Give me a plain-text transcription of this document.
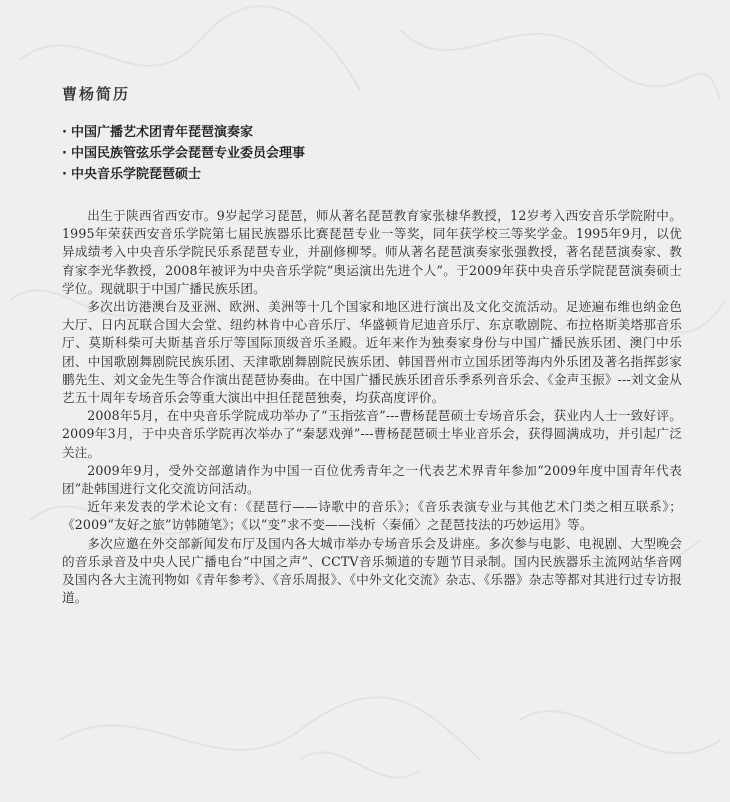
曹杨简历
· 中国广播艺术团青年琵琶演奏家
· 中国民族管弦乐学会琵琶专业委员会理事
· 中央音乐学院琵琶硕士

出生于陕西省西安市。9岁起学习琵琶，师从著名琵琶教育家张棣华教授，12岁考入西安音乐学院附中。1995年荣获西安音乐学院第七届民族器乐比赛琵琶专业一等奖，同年获学校三等奖学金。1995年9月，以优异成绩考入中央音乐学院民乐系琵琶专业，并副修柳琴。师从著名琵琶演奏家张强教授，著名琵琶演奏家、教育家李光华教授，2008年被评为中央音乐学院“奥运演出先进个人”。于2009年获中央音乐学院琵琶演奏硕士学位。现就职于中国广播民族乐团。

多次出访港澳台及亚洲、欧洲、美洲等十几个国家和地区进行演出及文化交流活动。足迹遍布维也纳金色大厅、日内瓦联合国大会堂、纽约林肯中心音乐厅、华盛顿肯尼迪音乐厅、东京歌剧院、布拉格斯美塔那音乐厅、莫斯科柴可夫斯基音乐厅等国际顶级音乐圣殿。近年来作为独奏家身份与中国广播民族乐团、澳门中乐团、中国歌剧舞剧院民族乐团、天津歌剧舞剧院民族乐团、韩国晋州市立国乐团等海内外乐团及著名指挥彭家鹏先生、刘文金先生等合作演出琵琶协奏曲。在中国广播民族乐团音乐季系列音乐会、《金声玉振》---刘文金从艺五十周年专场音乐会等重大演出中担任琵琶独奏，均获高度评价。

2008年5月，在中央音乐学院成功举办了“玉指弦音”---曹杨琵琶硕士专场音乐会，获业内人士一致好评。2009年3月，于中央音乐学院再次举办了“秦瑟戏弹”---曹杨琵琶硕士毕业音乐会，获得圆满成功，并引起广泛关注。

2009年9月，受外交部邀请作为中国一百位优秀青年之一代表艺术界青年参加“2009年度中国青年代表团”赴韩国进行文化交流访问活动。

近年来发表的学术论文有：《琵琶行——诗歌中的音乐》；《音乐表演专业与其他艺术门类之相互联系》；《2009“友好之旅”访韩随笔》；《以“变”求不变——浅析〈秦俑〉之琵琶技法的巧妙运用》等。

多次应邀在外交部新闻发布厅及国内各大城市举办专场音乐会及讲座。多次参与电影、电视剧、大型晚会的音乐录音及中央人民广播电台“中国之声”、CCTV音乐频道的专题节目录制。国内民族器乐主流网站华音网及国内各大主流刊物如《青年参考》、《音乐周报》、《中外文化交流》杂志、《乐器》杂志等都对其进行过专访报道。
